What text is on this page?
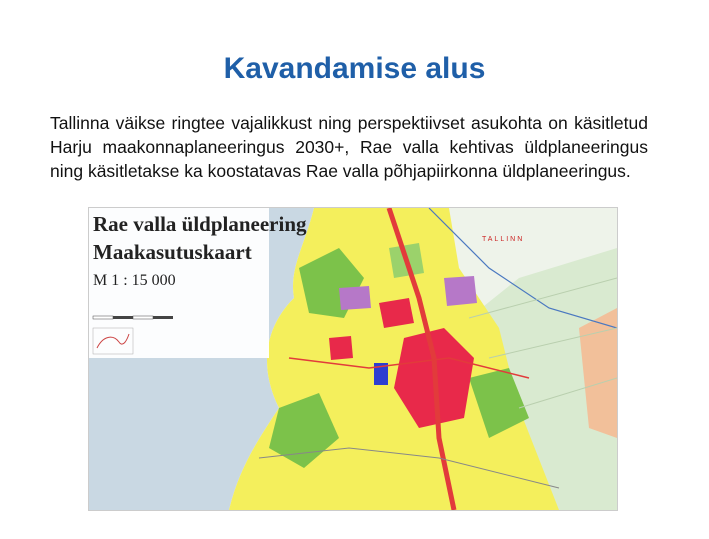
Kavandamise alus
Tallinna väikse ringtee vajalikkust ning perspektiivset asukohta on käsitletud Harju maakonnaplaneeringus 2030+, Rae valla kehtivas üldplaneeringus ning käsitletakse ka koostatavas Rae valla põhjapiirkonna üldplaneeringus.
Rae valla üldplaneering
Maakasutuskaart
M 1 : 15 000
TALLINN
